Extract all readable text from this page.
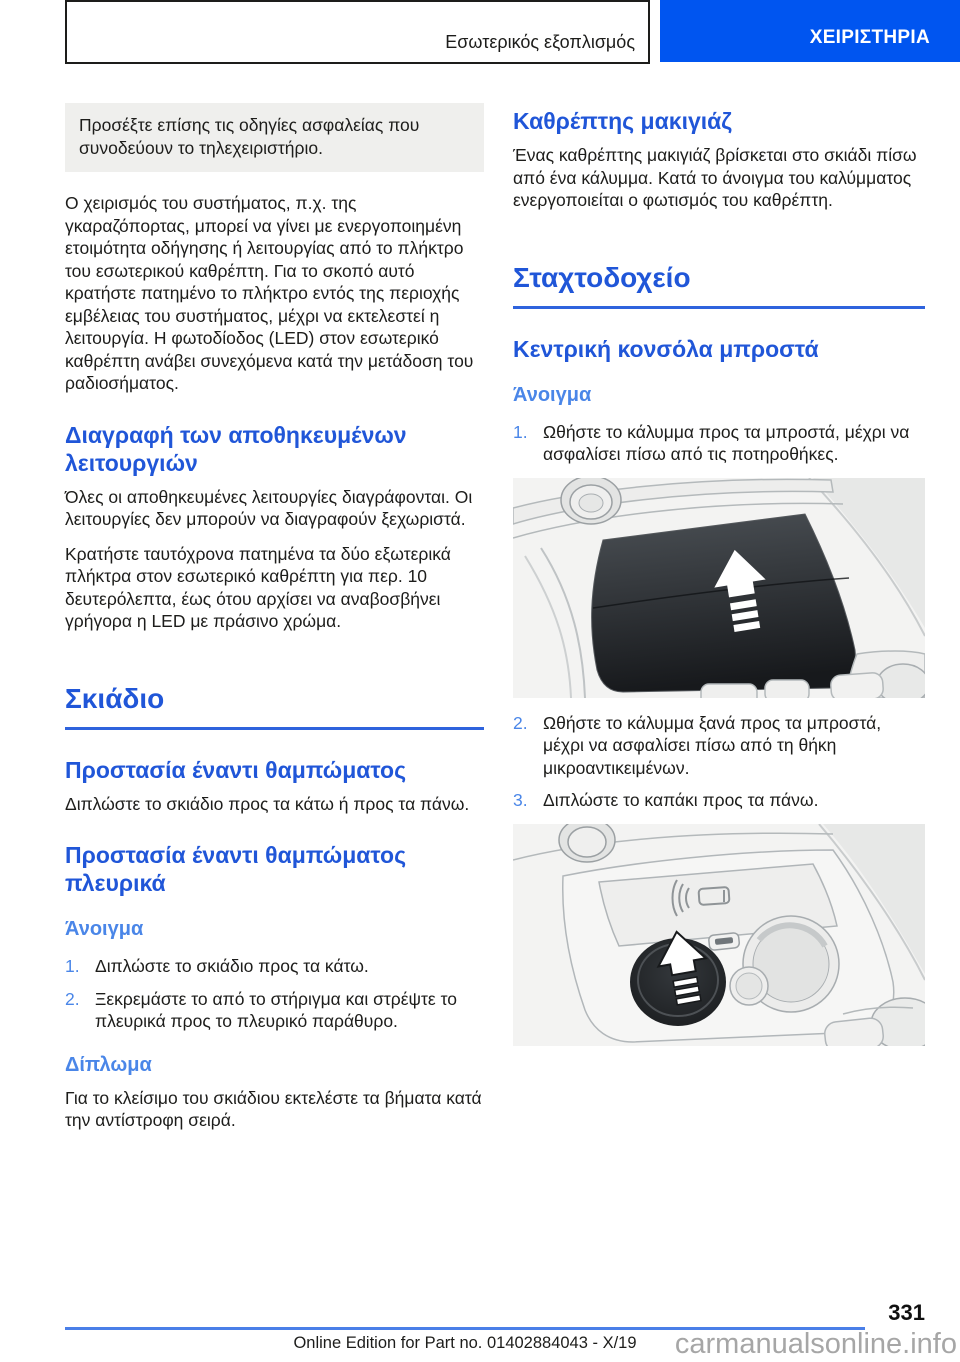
Εσωτερικός εξοπλισμός	ΧΕΙΡΙΣΤΗΡΙΑ

Προσέξτε επίσης τις οδηγίες ασφαλείας που συνοδεύουν το τηλεχειριστήριο.

Ο χειρισμός του συστήματος, π.χ. της γκαραζόπορτας, μπορεί να γίνει με ενεργοποιημένη ετοιμότητα οδήγησης ή λειτουργίας από το πλήκτρο του εσωτερικού καθρέπτη. Για το σκοπό αυτό κρατήστε πατημένο το πλήκτρο εντός της περιοχής εμβέλειας του συστήματος, μέχρι να εκτελεστεί η λειτουργία. Η φωτοδίοδος (LED) στον εσωτερικό καθρέπτη ανάβει συνεχόμενα κατά την μετάδοση του ραδιοσήματος.

Διαγραφή των αποθηκευμένων λειτουργιών

Όλες οι αποθηκευμένες λειτουργίες διαγράφονται. Οι λειτουργίες δεν μπορούν να διαγραφούν ξεχωριστά.

Κρατήστε ταυτόχρονα πατημένα τα δύο εξωτερικά πλήκτρα στον εσωτερικό καθρέπτη για περ. 10 δευτερόλεπτα, έως ότου αρχίσει να αναβοσβήνει γρήγορα η LED με πράσινο χρώμα.

Σκιάδιο
Προστασία έναντι θαμπώματος

Διπλώστε το σκιάδιο προς τα κάτω ή προς τα πάνω.

Προστασία έναντι θαμπώματος πλευρικά
Άνοιγμα
1. Διπλώστε το σκιάδιο προς τα κάτω.
2. Ξεκρεμάστε το από το στήριγμα και στρέψτε το πλευρικά προς το πλευρικό παράθυρο.
Δίπλωμα

Για το κλείσιμο του σκιάδιου εκτελέστε τα βήματα κατά την αντίστροφη σειρά.

Καθρέπτης μακιγιάζ

Ένας καθρέπτης μακιγιάζ βρίσκεται στο σκιάδι πίσω από ένα κάλυμμα. Κατά το άνοιγμα του καλύμματος ενεργοποιείται ο φωτισμός του καθρέπτη.

Σταχτοδοχείο
Κεντρική κονσόλα μπροστά
Άνοιγμα
1. Ωθήστε το κάλυμμα προς τα μπροστά, μέχρι να ασφαλίσει πίσω από τις ποτηροθήκες.
2. Ωθήστε το κάλυμμα ξανά προς τα μπροστά, μέχρι να ασφαλίσει πίσω από τη θήκη μικροαντικειμένων.
3. Διπλώστε το καπάκι προς τα πάνω.
331
Online Edition for Part no. 01402884043 - X/19	carmanualsonline.info
